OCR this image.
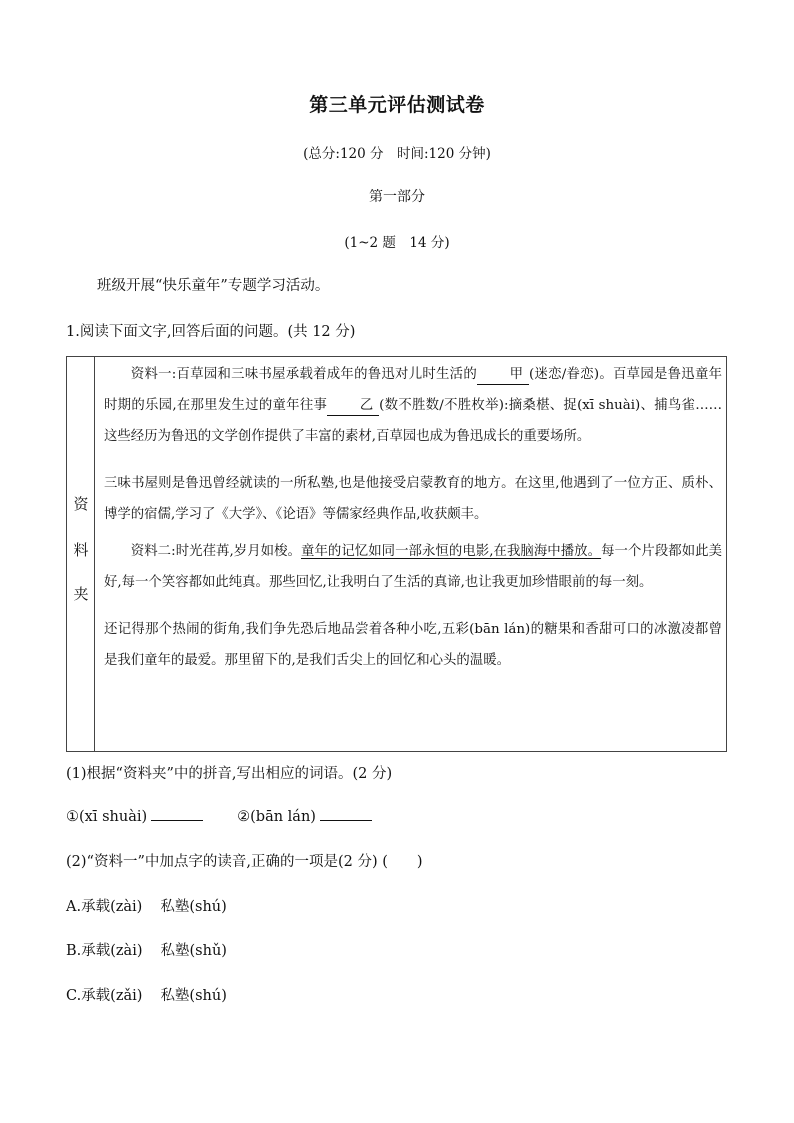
第三单元评估测试卷
(总分:120 分　时间:120 分钟)
第一部分
(1~2 题　14 分)
班级开展“快乐童年”专题学习活动。
1.阅读下面文字,回答后面的问题。(共 12 分)
资
料
夹

资料一:百草园和三味书屋承载着成年的鲁迅对儿时生活的 甲 (迷恋/眷恋)。百草园是鲁迅童年时期的乐园,在那里发生过的童年往事 乙 (数不胜数/不胜枚举):摘桑椹、捉(xī shuài)、捕鸟雀……这些经历为鲁迅的文学创作提供了丰富的素材,百草园也成为鲁迅成长的重要场所。

三味书屋则是鲁迅曾经就读的一所私塾,也是他接受启蒙教育的地方。在这里,他遇到了一位方正、质朴、博学的宿儒,学习了《大学》、《论语》等儒家经典作品,收获颇丰。

资料二:时光荏苒,岁月如梭。童年的记忆如同一部永恒的电影,在我脑海中播放。每一个片段都如此美好,每一个笑容都如此纯真。那些回忆,让我明白了生活的真谛,也让我更加珍惜眼前的每一刻。

还记得那个热闹的街角,我们争先恐后地品尝着各种小吃,五彩(bān lán)的糖果和香甜可口的冰激凌都曾是我们童年的最爱。那里留下的,是我们舌尖上的回忆和心头的温暖。

(1)根据“资料夹”中的拼音,写出相应的词语。(2 分)
①(xī shuài)	②(bān lán)
(2)“资料一”中加点字的读音,正确的一项是(2 分) (　　)
A.承载(zài) 私塾(shú)
B.承载(zài) 私塾(shǔ)
C.承载(zǎi) 私塾(shú)
